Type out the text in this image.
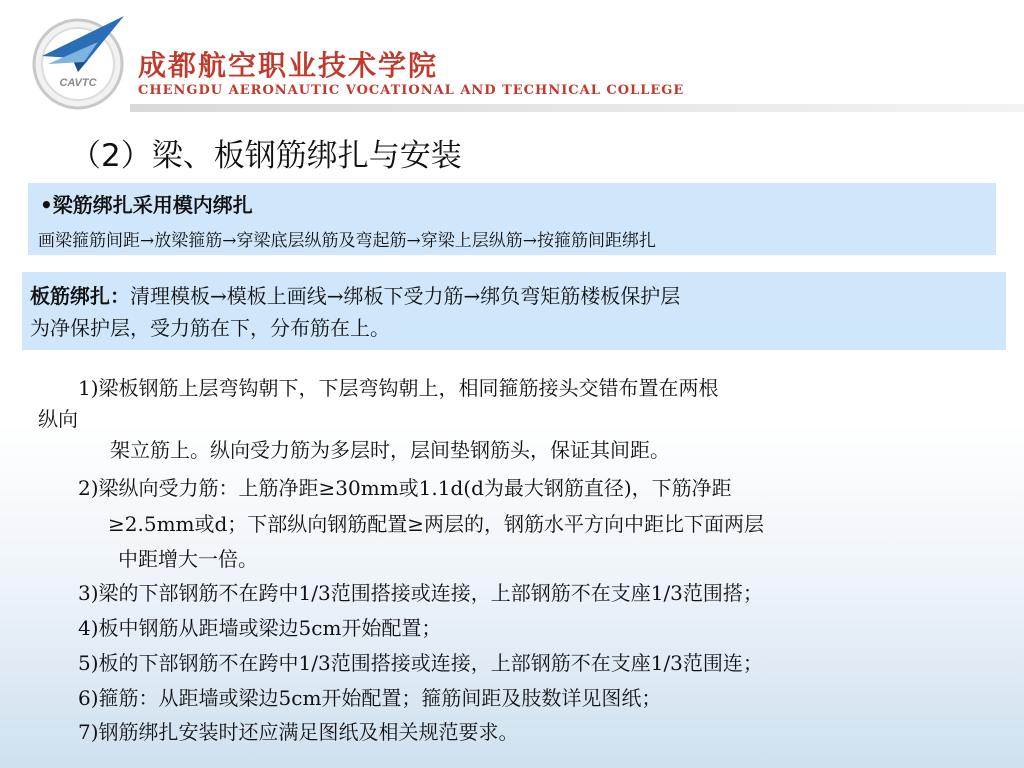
CAVTC
成都航空职业技术学院
CHENGDU AERONAUTIC VOCATIONAL AND TECHNICAL COLLEGE
（2）梁、板钢筋绑扎与安装
•梁筋绑扎采用模内绑扎
画梁箍筋间距→放梁箍筋→穿梁底层纵筋及弯起筋→穿梁上层纵筋→按箍筋间距绑扎

板筋绑扎：清理模板→模板上画线→绑板下受力筋→绑负弯矩筋楼板保护层

为净保护层，受力筋在下，分布筋在上。

1)梁板钢筋上层弯钩朝下，下层弯钩朝上，相同箍筋接头交错布置在两根

纵向

架立筋上。纵向受力筋为多层时，层间垫钢筋头，保证其间距。

2)梁纵向受力筋：上筋净距≥30mm或1.1d(d为最大钢筋直径)，下筋净距

≥2.5mm或d；下部纵向钢筋配置≥两层的，钢筋水平方向中距比下面两层

中距增大一倍。

3)梁的下部钢筋不在跨中1/3范围搭接或连接，上部钢筋不在支座1/3范围搭；

4)板中钢筋从距墙或梁边5cm开始配置；

5)板的下部钢筋不在跨中1/3范围搭接或连接，上部钢筋不在支座1/3范围连；

6)箍筋：从距墙或梁边5cm开始配置；箍筋间距及肢数详见图纸；

7)钢筋绑扎安装时还应满足图纸及相关规范要求。
